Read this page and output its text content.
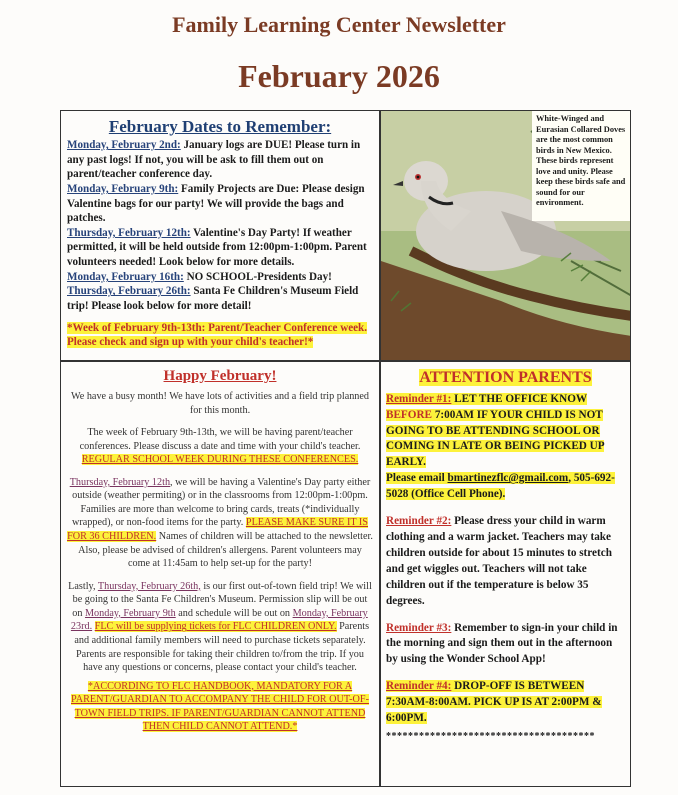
Family Learning Center Newsletter
February 2026
February Dates to Remember:
Monday, February 2nd: January logs are DUE! Please turn in any past logs! If not, you will be ask to fill them out on parent/teacher conference day.
Monday, February 9th: Family Projects are Due: Please design Valentine bags for our party! We will provide the bags and patches.
Thursday, February 12th: Valentine's Day Party! If weather permitted, it will be held outside from 12:00pm-1:00pm. Parent volunteers needed! Look below for more details.
Monday, February 16th: NO SCHOOL-Presidents Day!
Thursday, February 26th: Santa Fe Children's Museum Field trip! Please look below for more detail!
*Week of February 9th-13th: Parent/Teacher Conference week. Please check and sign up with your child's teacher!*
White-Winged and Eurasian Collared Doves are the most common birds in New Mexico. These birds represent love and unity. Please keep these birds safe and sound for our environment.
Happy February!

We have a busy month! We have lots of activities and a field trip planned for this month.

The week of February 9th-13th, we will be having parent/teacher conferences. Please discuss a date and time with your child's teacher. REGULAR SCHOOL WEEK DURING THESE CONFERENCES.

Thursday, February 12th, we will be having a Valentine's Day party either outside (weather permiting) or in the classrooms from 12:00pm-1:00pm. Families are more than welcome to bring cards, treats (*individually wrapped), or non-food items for the party. PLEASE MAKE SURE IT IS FOR 36 CHILDREN. Names of children will be attached to the newsletter. Also, please be advised of children's allergens. Parent volunteers may come at 11:45am to help set-up for the party!

Lastly, Thursday, February 26th, is our first out-of-town field trip! We will be going to the Santa Fe Children's Museum. Permission slip will be out on Monday, February 9th and schedule will be out on Monday, February 23rd. FLC will be supplying tickets for FLC CHILDREN ONLY. Parents and additional family members will need to purchase tickets separately. Parents are responsible for taking their children to/from the trip. If you have any questions or concerns, please contact your child's teacher.

*ACCORDING TO FLC HANDBOOK, MANDATORY FOR A PARENT/GUARDIAN TO ACCOMPANY THE CHILD FOR OUT-OF-TOWN FIELD TRIPS. IF PARENT/GUARDIAN CANNOT ATTEND THEN CHILD CANNOT ATTEND.*

ATTENTION PARENTS

Reminder #1: LET THE OFFICE KNOW BEFORE 7:00AM IF YOUR CHILD IS NOT GOING TO BE ATTENDING SCHOOL OR COMING IN LATE OR BEING PICKED UP EARLY.
Please email bmartinezflc@gmail.com, 505-692-5028 (Office Cell Phone).

Reminder #2: Please dress your child in warm clothing and a warm jacket. Teachers may take children outside for about 15 minutes to stretch and get wiggles out. Teachers will not take children out if the temperature is below 35 degrees.

Reminder #3: Remember to sign-in your child in the morning and sign them out in the afternoon by using the Wonder School App!

Reminder #4: DROP-OFF IS BETWEEN 7:30AM-8:00AM. PICK UP IS AT 2:00PM & 6:00PM.

**************************************
